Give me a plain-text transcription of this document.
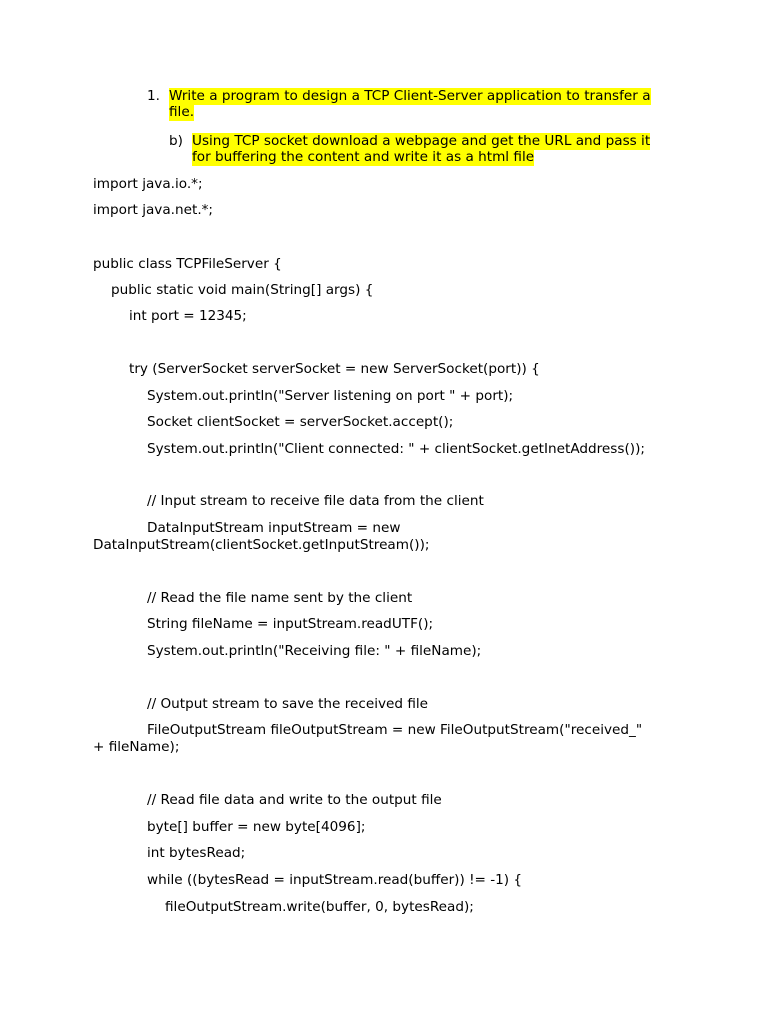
1. Write a program to design a TCP Client-Server application to transfer a
file.
b) Using TCP socket download a webpage and get the URL and pass it
for buffering the content and write it as a html file
import java.io.*;
import java.net.*;
public class TCPFileServer {
public static void main(String[] args) {
int port = 12345;
try (ServerSocket serverSocket = new ServerSocket(port)) {
System.out.println("Server listening on port " + port);
Socket clientSocket = serverSocket.accept();
System.out.println("Client connected: " + clientSocket.getInetAddress());
// Input stream to receive file data from the client
DataInputStream inputStream = new
DataInputStream(clientSocket.getInputStream());
// Read the file name sent by the client
String fileName = inputStream.readUTF();
System.out.println("Receiving file: " + fileName);
// Output stream to save the received file
FileOutputStream fileOutputStream = new FileOutputStream("received_"
+ fileName);
// Read file data and write to the output file
byte[] buffer = new byte[4096];
int bytesRead;
while ((bytesRead = inputStream.read(buffer)) != -1) {
fileOutputStream.write(buffer, 0, bytesRead);
